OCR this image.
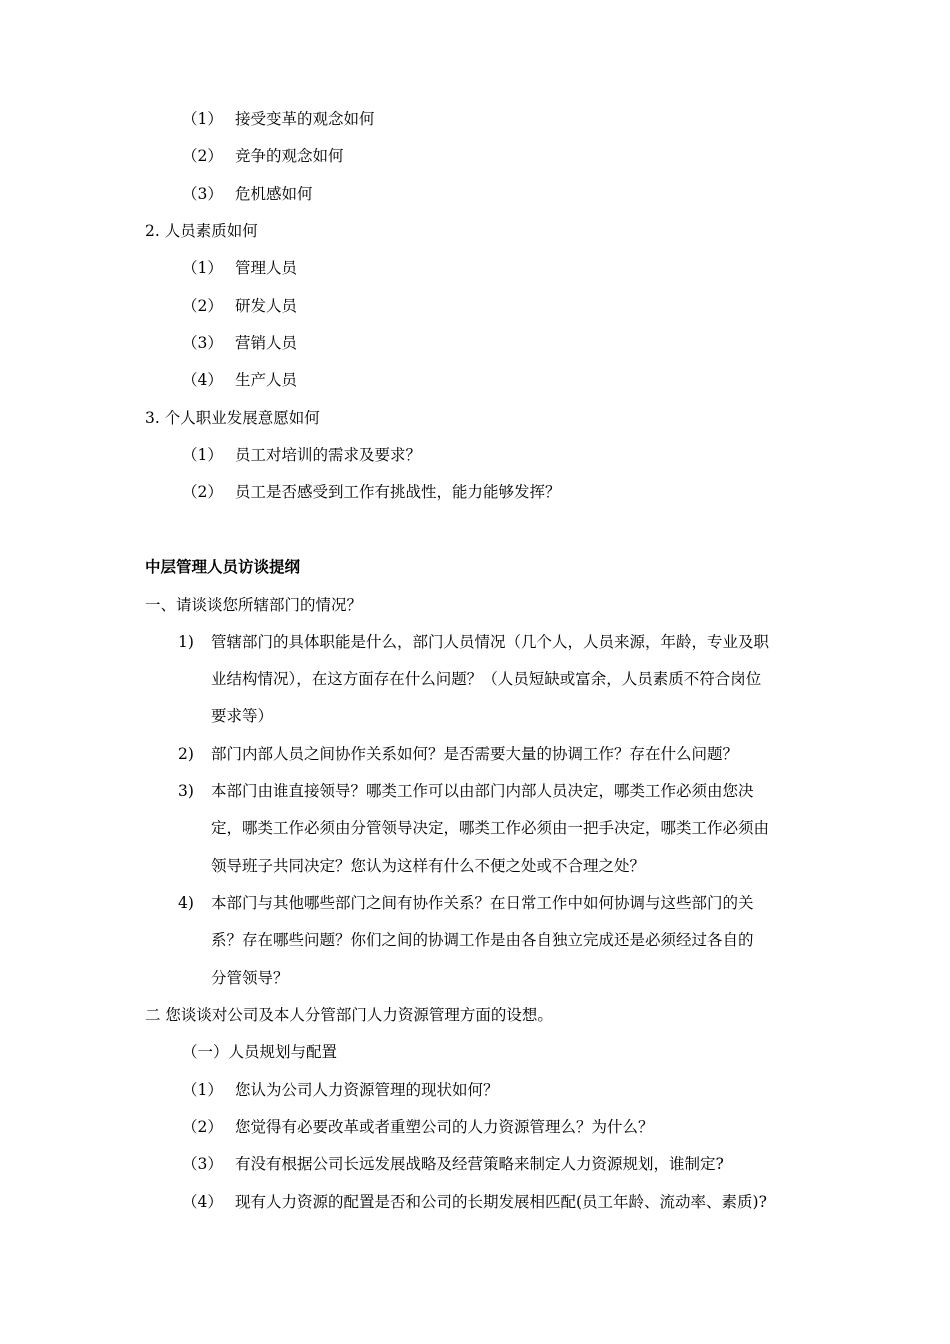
（1） 接受变革的观念如何
（2） 竞争的观念如何
（3） 危机感如何
2. 人员素质如何
（1） 管理人员
（2） 研发人员
（3） 营销人员
（4） 生产人员
3. 个人职业发展意愿如何
（1） 员工对培训的需求及要求？
（2） 员工是否感受到工作有挑战性，能力能够发挥？
中层管理人员访谈提纲
一、请谈谈您所辖部门的情况？
1) 管辖部门的具体职能是什么，部门人员情况（几个人，人员来源，年龄，专业及职
业结构情况），在这方面存在什么问题？（人员短缺或富余，人员素质不符合岗位
要求等）
2) 部门内部人员之间协作关系如何？是否需要大量的协调工作？存在什么问题？
3) 本部门由谁直接领导？哪类工作可以由部门内部人员决定，哪类工作必须由您决
定，哪类工作必须由分管领导决定，哪类工作必须由一把手决定，哪类工作必须由
领导班子共同决定？您认为这样有什么不便之处或不合理之处？
4) 本部门与其他哪些部门之间有协作关系？在日常工作中如何协调与这些部门的关
系？存在哪些问题？你们之间的协调工作是由各自独立完成还是必须经过各自的
分管领导？
二 您谈谈对公司及本人分管部门人力资源管理方面的设想。
（一）人员规划与配置
（1） 您认为公司人力资源管理的现状如何？
（2） 您觉得有必要改革或者重塑公司的人力资源管理么？为什么？
（3） 有没有根据公司长远发展战略及经营策略来制定人力资源规划，谁制定?
（4） 现有人力资源的配置是否和公司的长期发展相匹配(员工年龄、流动率、素质)?
